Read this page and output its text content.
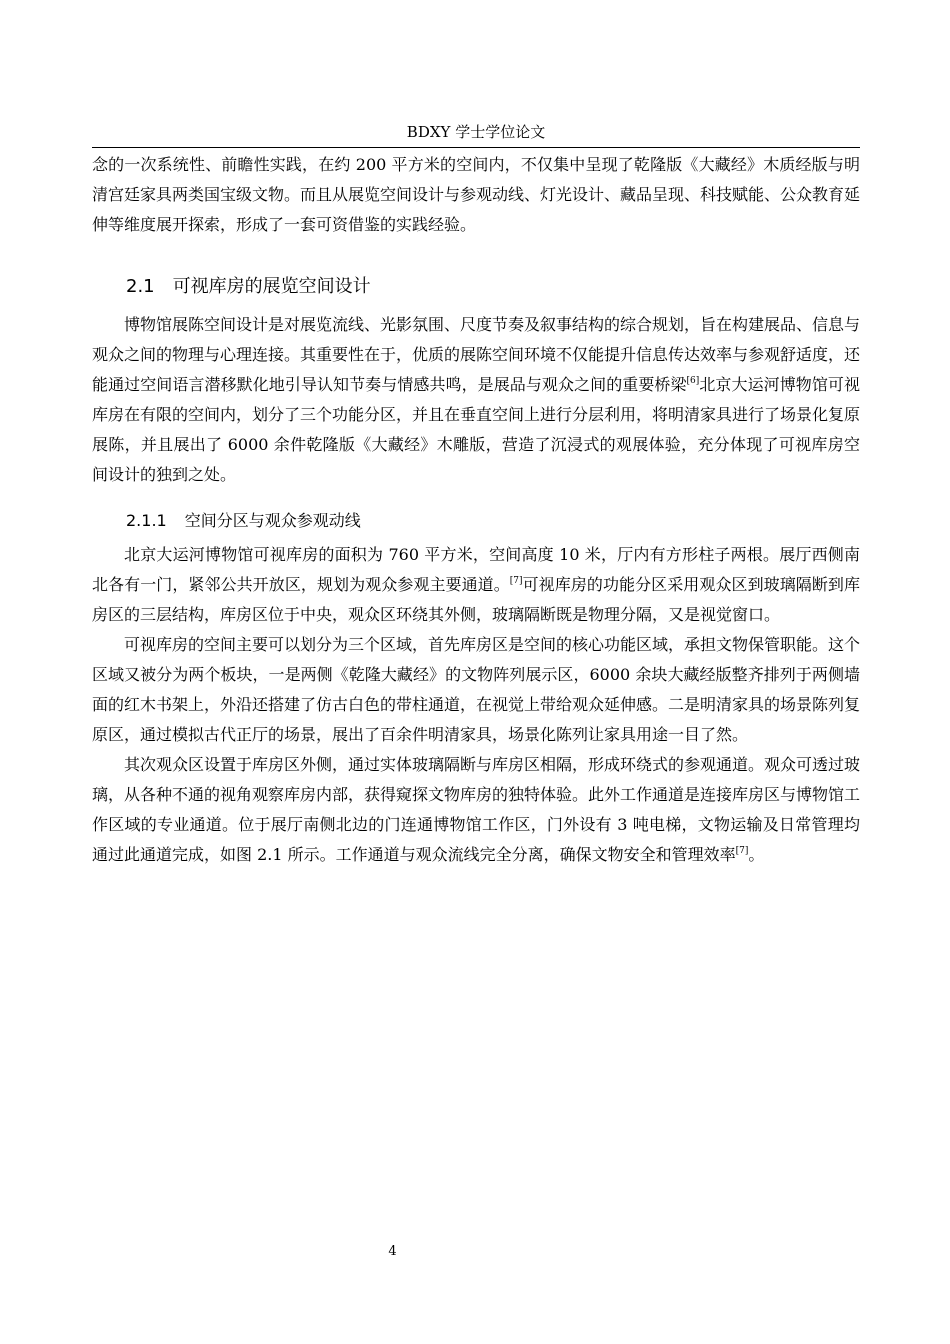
BDXY 学士学位论文

念的一次系统性、前瞻性实践，在约 200 平方米的空间内，不仅集中呈现了乾隆版《大藏经》木质经版与明清宫廷家具两类国宝级文物。而且从展览空间设计与参观动线、灯光设计、藏品呈现、科技赋能、公众教育延伸等维度展开探索，形成了一套可资借鉴的实践经验。

2.1 可视库房的展览空间设计

博物馆展陈空间设计是对展览流线、光影氛围、尺度节奏及叙事结构的综合规划，旨在构建展品、信息与观众之间的物理与心理连接。其重要性在于，优质的展陈空间环境不仅能提升信息传达效率与参观舒适度，还能通过空间语言潜移默化地引导认知节奏与情感共鸣，是展品与观众之间的重要桥梁[6]北京大运河博物馆可视库房在有限的空间内，划分了三个功能分区，并且在垂直空间上进行分层利用，将明清家具进行了场景化复原展陈，并且展出了 6000 余件乾隆版《大藏经》木雕版，营造了沉浸式的观展体验，充分体现了可视库房空间设计的独到之处。

2.1.1 空间分区与观众参观动线

北京大运河博物馆可视库房的面积为 760 平方米，空间高度 10 米，厅内有方形柱子两根。展厅西侧南北各有一门，紧邻公共开放区，规划为观众参观主要通道。[7]可视库房的功能分区采用观众区到玻璃隔断到库房区的三层结构，库房区位于中央，观众区环绕其外侧，玻璃隔断既是物理分隔，又是视觉窗口。

可视库房的空间主要可以划分为三个区域，首先库房区是空间的核心功能区域，承担文物保管职能。这个区域又被分为两个板块，一是两侧《乾隆大藏经》的文物阵列展示区，6000 余块大藏经版整齐排列于两侧墙面的红木书架上，外沿还搭建了仿古白色的带柱通道，在视觉上带给观众延伸感。二是明清家具的场景陈列复原区，通过模拟古代正厅的场景，展出了百余件明清家具，场景化陈列让家具用途一目了然。

其次观众区设置于库房区外侧，通过实体玻璃隔断与库房区相隔，形成环绕式的参观通道。观众可透过玻璃，从各种不通的视角观察库房内部，获得窥探文物库房的独特体验。此外工作通道是连接库房区与博物馆工作区域的专业通道。位于展厅南侧北边的门连通博物馆工作区，门外设有 3 吨电梯，文物运输及日常管理均通过此通道完成，如图 2.1 所示。工作通道与观众流线完全分离，确保文物安全和管理效率[7]。

4
